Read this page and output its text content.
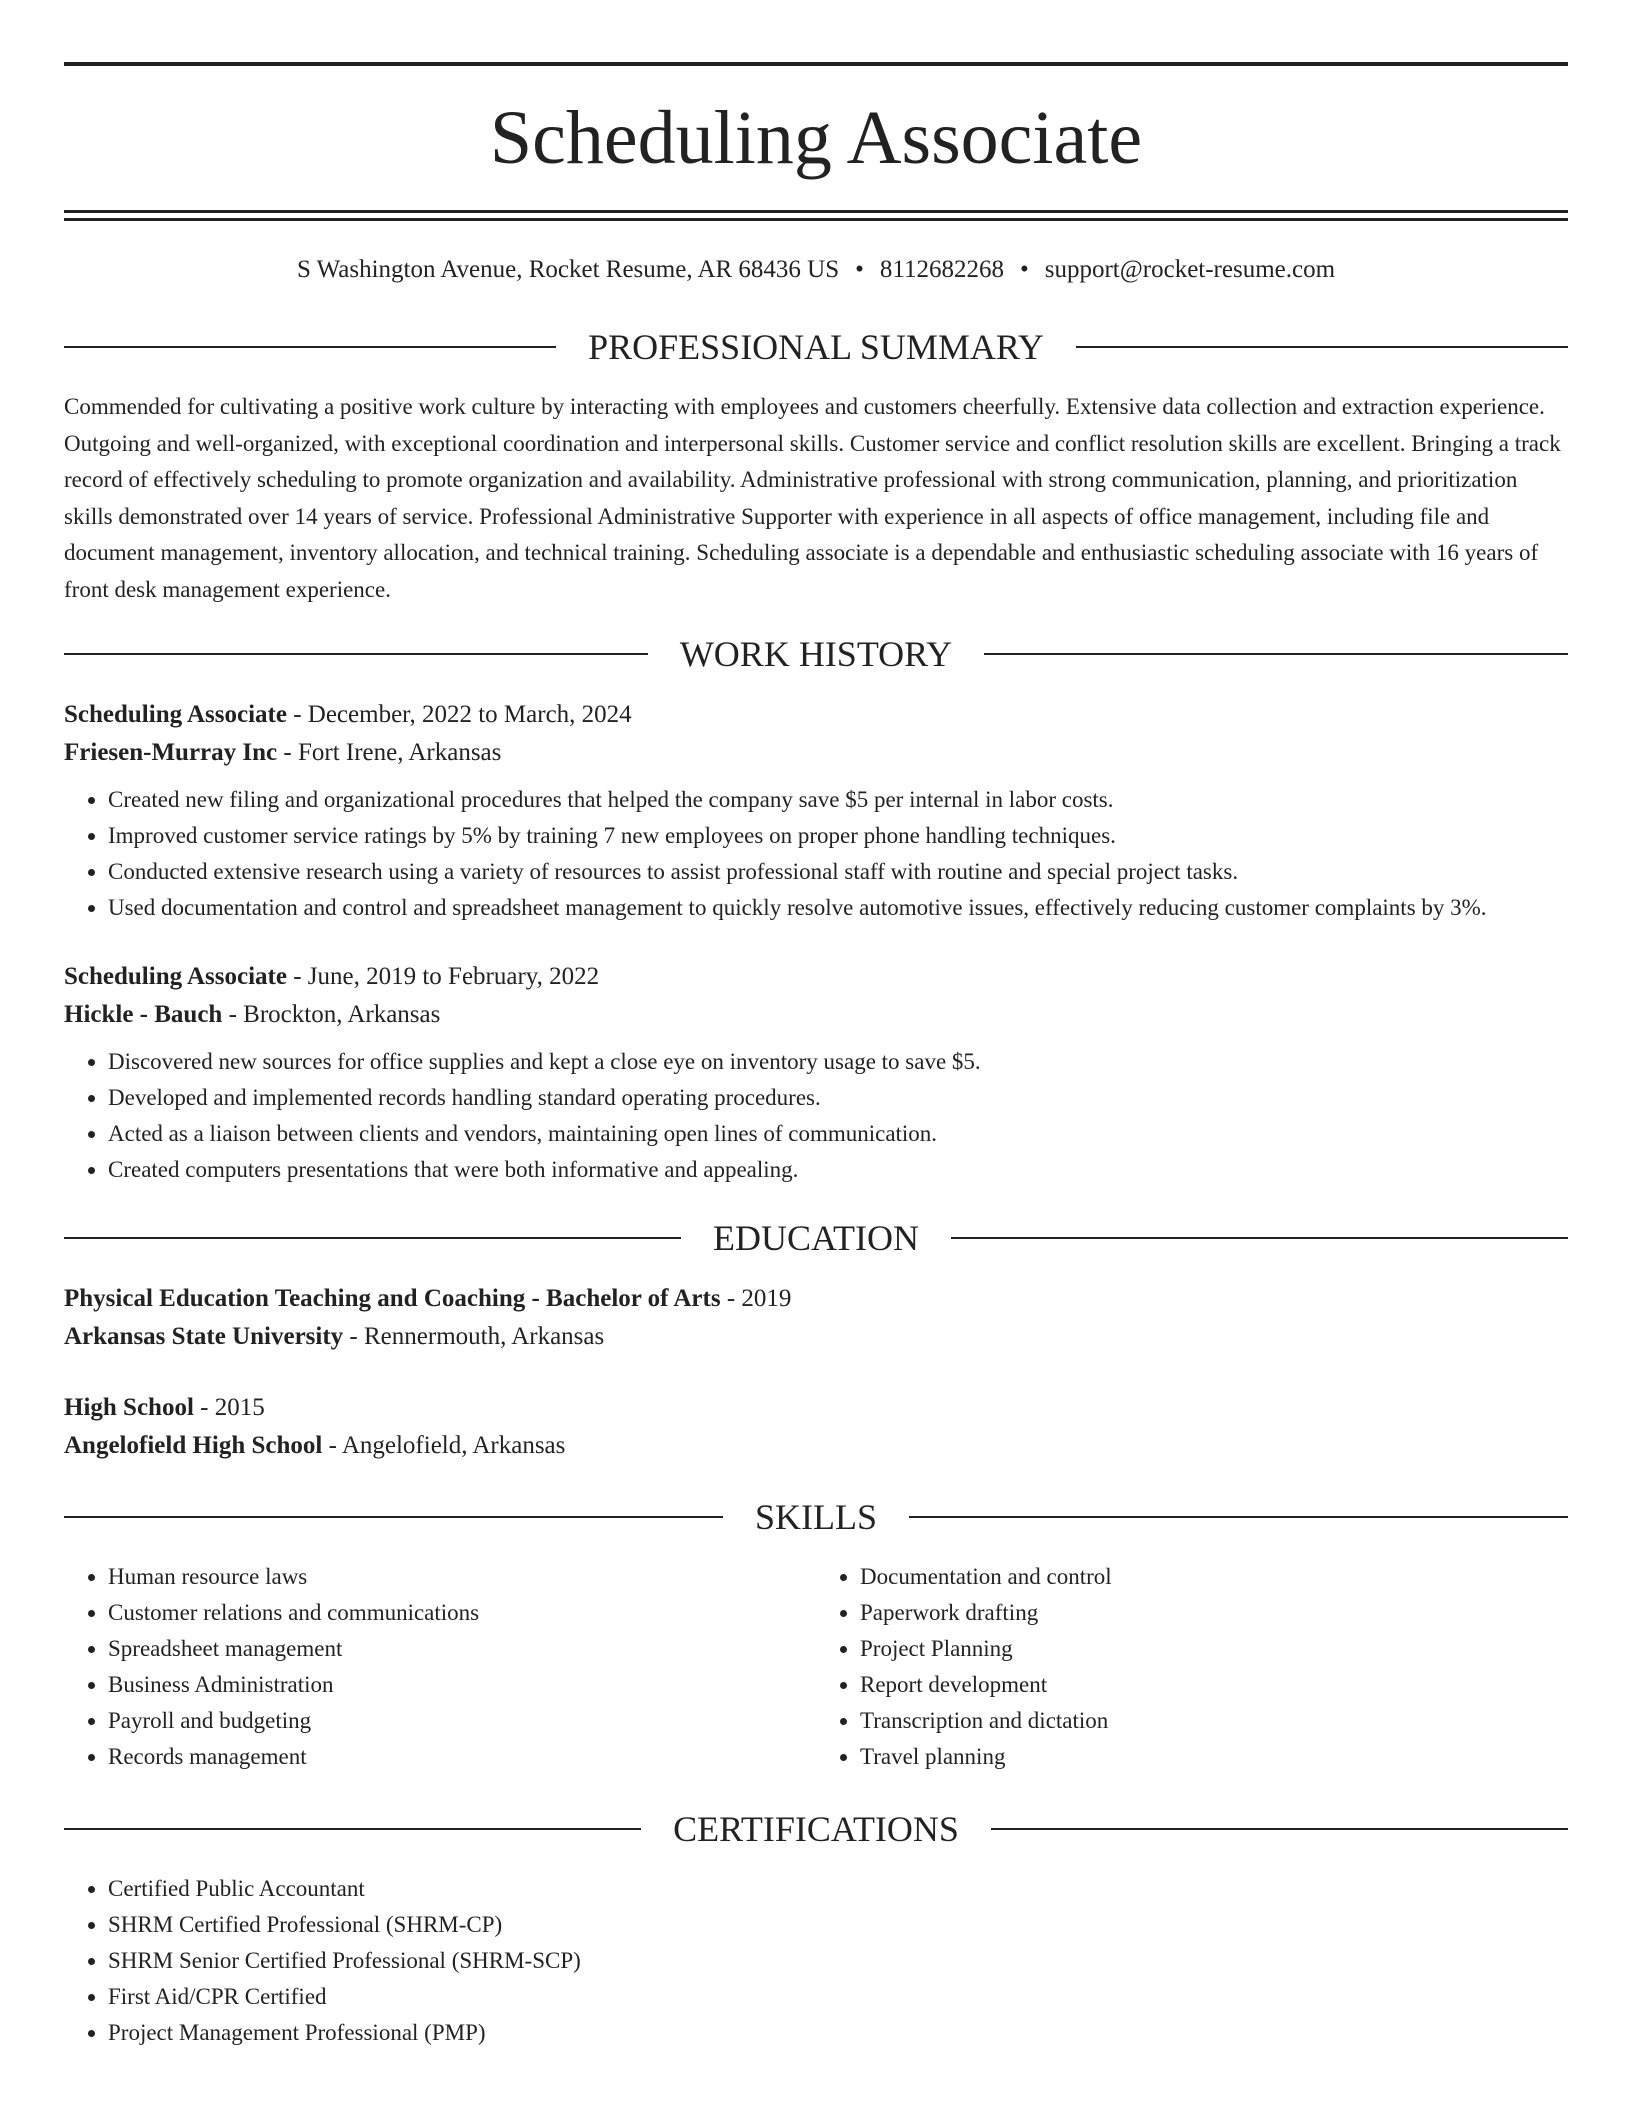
Scheduling Associate
S Washington Avenue, Rocket Resume, AR 68436 US • 8112682268 • support@rocket-resume.com
PROFESSIONAL SUMMARY

Commended for cultivating a positive work culture by interacting with employees and customers cheerfully. Extensive data collection and extraction experience. Outgoing and well-organized, with exceptional coordination and interpersonal skills. Customer service and conflict resolution skills are excellent. Bringing a track record of effectively scheduling to promote organization and availability. Administrative professional with strong communication, planning, and prioritization skills demonstrated over 14 years of service. Professional Administrative Supporter with experience in all aspects of office management, including file and document management, inventory allocation, and technical training. Scheduling associate is a dependable and enthusiastic scheduling associate with 16 years of front desk management experience.

WORK HISTORY
Scheduling Associate - December, 2022 to March, 2024
Friesen-Murray Inc - Fort Irene, Arkansas
• Created new filing and organizational procedures that helped the company save $5 per internal in labor costs.
• Improved customer service ratings by 5% by training 7 new employees on proper phone handling techniques.
• Conducted extensive research using a variety of resources to assist professional staff with routine and special project tasks.
• Used documentation and control and spreadsheet management to quickly resolve automotive issues, effectively reducing customer complaints by 3%.
Scheduling Associate - June, 2019 to February, 2022
Hickle - Bauch - Brockton, Arkansas
• Discovered new sources for office supplies and kept a close eye on inventory usage to save $5.
• Developed and implemented records handling standard operating procedures.
• Acted as a liaison between clients and vendors, maintaining open lines of communication.
• Created computers presentations that were both informative and appealing.
EDUCATION
Physical Education Teaching and Coaching - Bachelor of Arts - 2019
Arkansas State University - Rennermouth, Arkansas
High School - 2015
Angelofield High School - Angelofield, Arkansas
SKILLS
• Human resource laws
• Customer relations and communications
• Spreadsheet management
• Business Administration
• Payroll and budgeting
• Records management
• Documentation and control
• Paperwork drafting
• Project Planning
• Report development
• Transcription and dictation
• Travel planning
CERTIFICATIONS
• Certified Public Accountant
• SHRM Certified Professional (SHRM-CP)
• SHRM Senior Certified Professional (SHRM-SCP)
• First Aid/CPR Certified
• Project Management Professional (PMP)
